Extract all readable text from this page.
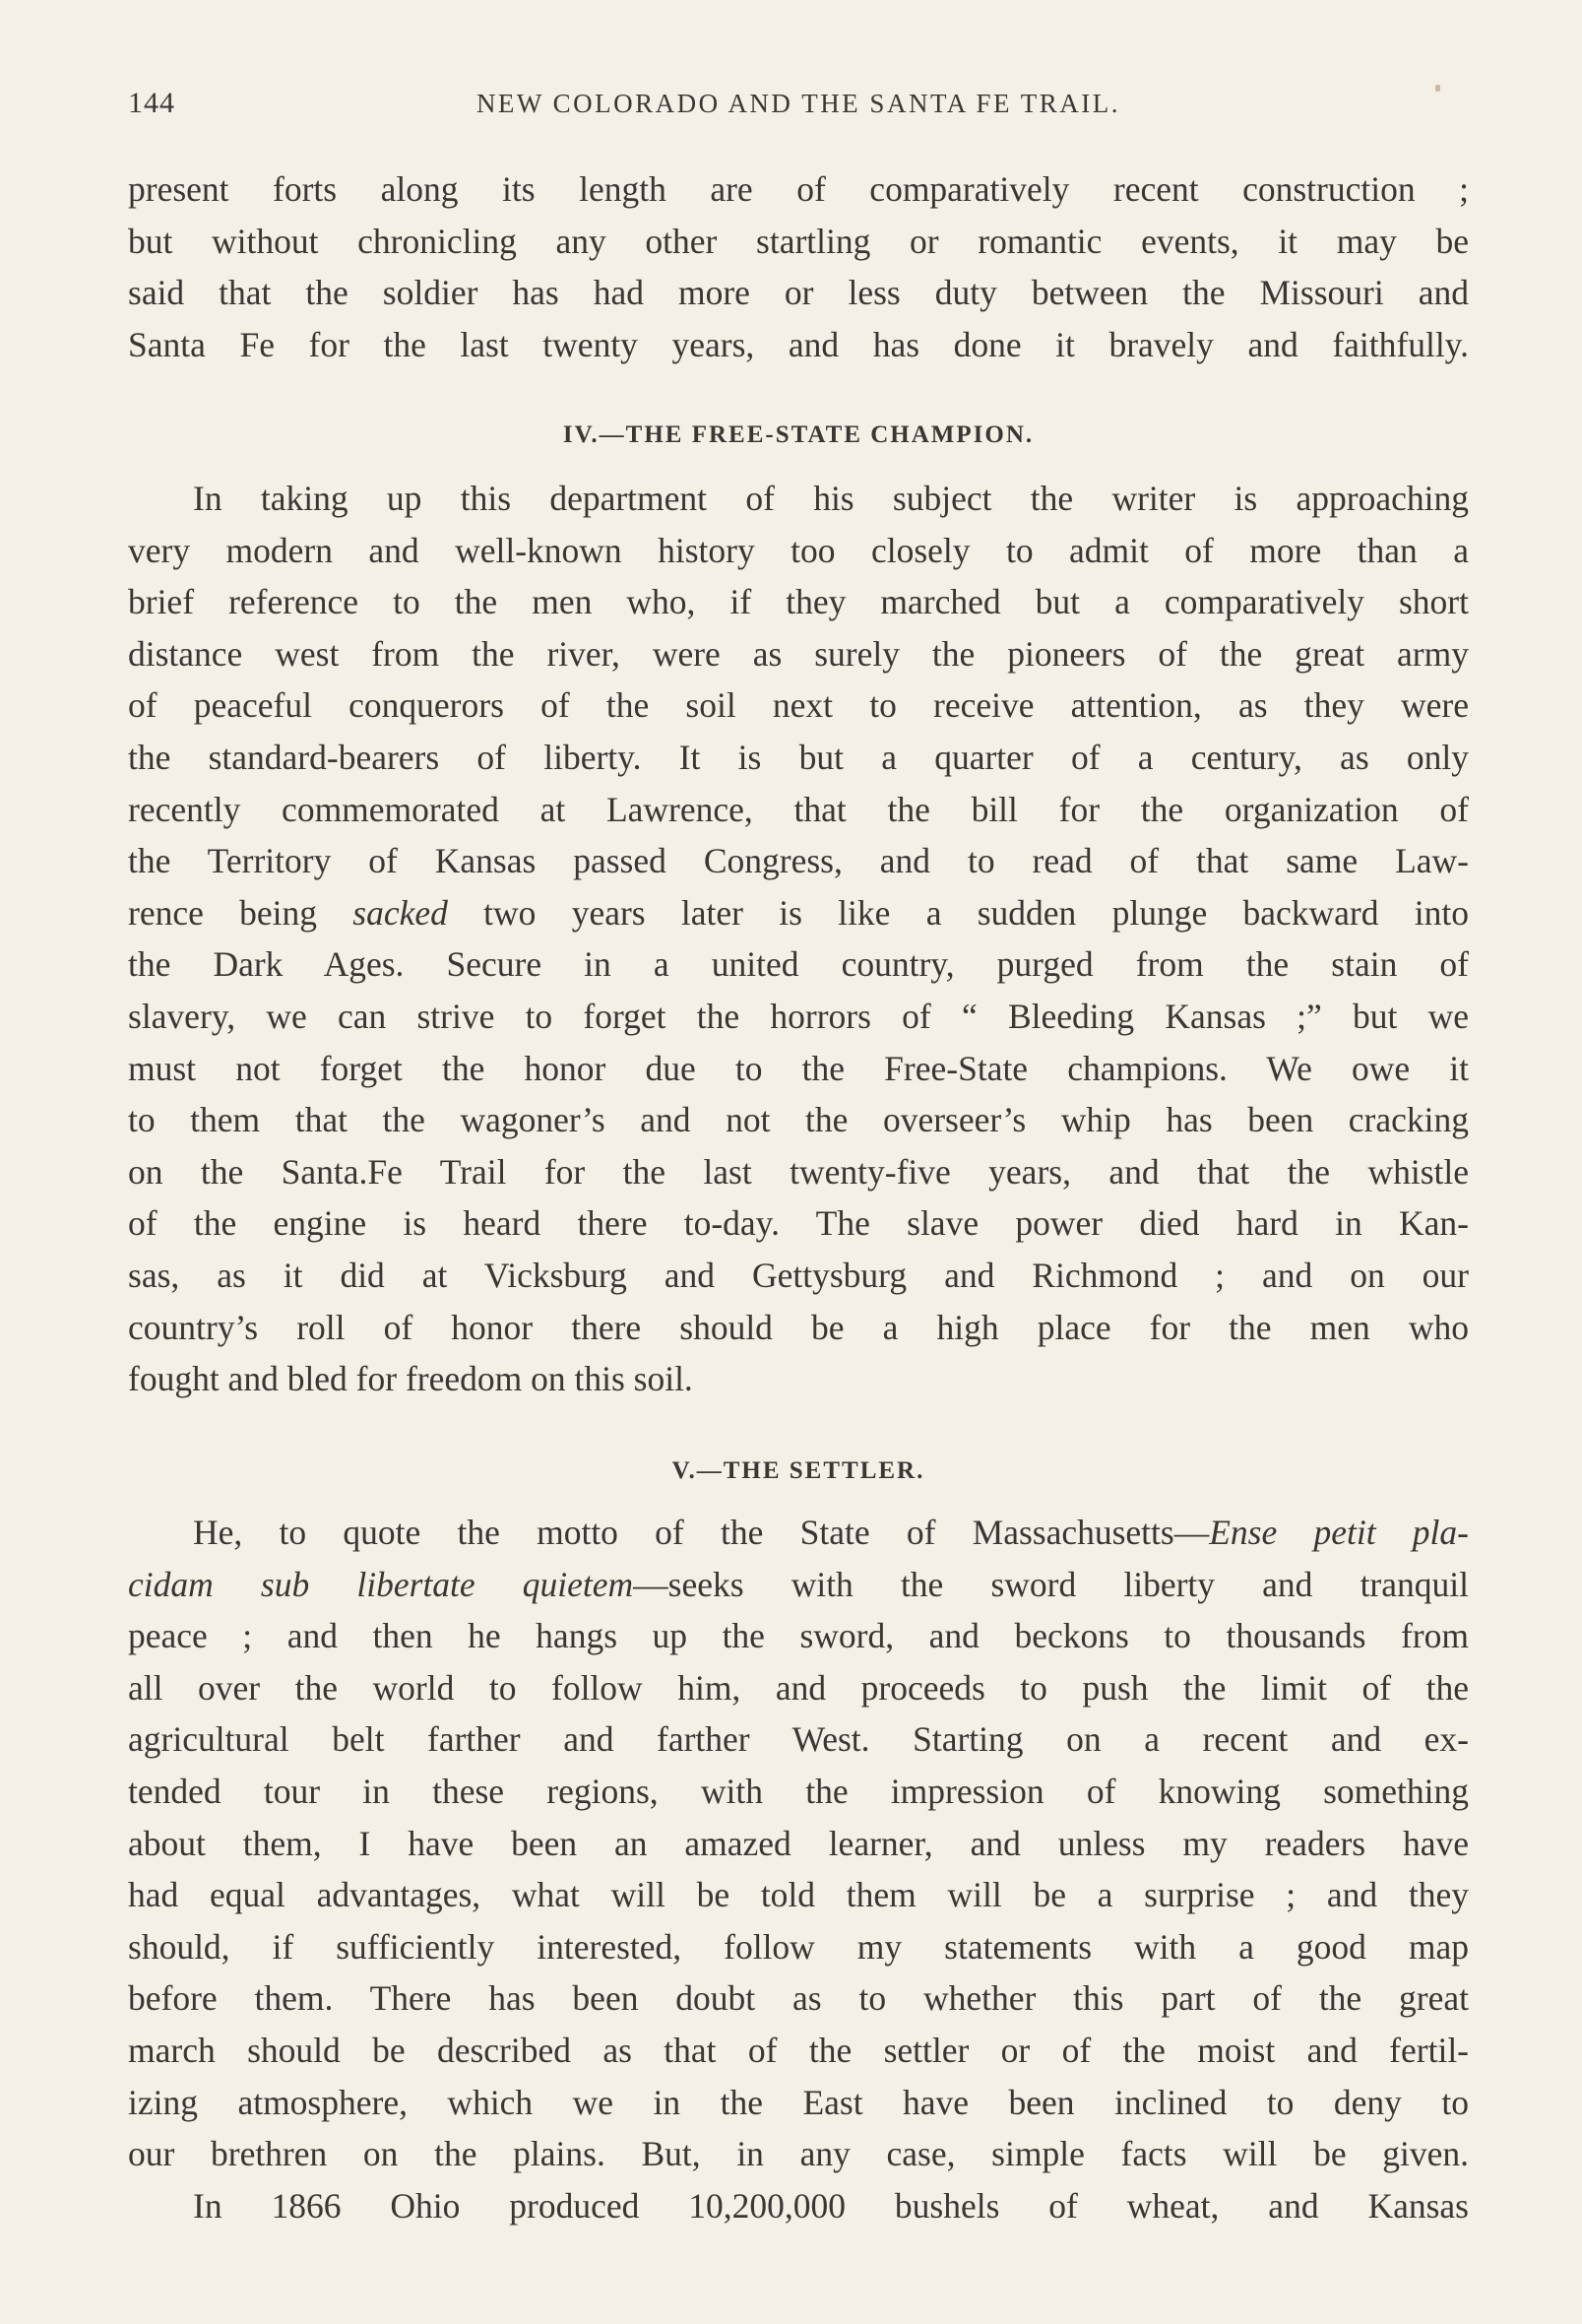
144	NEW COLORADO AND THE SANTA FE TRAIL.
present forts along its length are of comparatively recent construction ;
but without chronicling any other startling or romantic events, it may be
said that the soldier has had more or less duty between the Missouri and
Santa Fe for the last twenty years, and has done it bravely and faithfully.
IV.—THE FREE-STATE CHAMPION.
In taking up this department of his subject the writer is approaching
very modern and well-known history too closely to admit of more than a
brief reference to the men who, if they marched but a comparatively short
distance west from the river, were as surely the pioneers of the great army
of peaceful conquerors of the soil next to receive attention, as they were
the standard-bearers of liberty. It is but a quarter of a century, as only
recently commemorated at Lawrence, that the bill for the organization of
the Territory of Kansas passed Congress, and to read of that same Law-
rence being sacked two years later is like a sudden plunge backward into
the Dark Ages. Secure in a united country, purged from the stain of
slavery, we can strive to forget the horrors of “ Bleeding Kansas ;” but we
must not forget the honor due to the Free-State champions. We owe it
to them that the wagoner’s and not the overseer’s whip has been cracking
on the Santa.Fe Trail for the last twenty-five years, and that the whistle
of the engine is heard there to-day. The slave power died hard in Kan-
sas, as it did at Vicksburg and Gettysburg and Richmond ; and on our
country’s roll of honor there should be a high place for the men who
fought and bled for freedom on this soil.
V.—THE SETTLER.
He, to quote the motto of the State of Massachusetts—Ense petit pla-
cidam sub libertate quietem—seeks with the sword liberty and tranquil
peace ; and then he hangs up the sword, and beckons to thousands from
all over the world to follow him, and proceeds to push the limit of the
agricultural belt farther and farther West. Starting on a recent and ex-
tended tour in these regions, with the impression of knowing something
about them, I have been an amazed learner, and unless my readers have
had equal advantages, what will be told them will be a surprise ; and they
should, if sufficiently interested, follow my statements with a good map
before them. There has been doubt as to whether this part of the great
march should be described as that of the settler or of the moist and fertil-
izing atmosphere, which we in the East have been inclined to deny to
our brethren on the plains. But, in any case, simple facts will be given.
In 1866 Ohio produced 10,200,000 bushels of wheat, and Kansas
